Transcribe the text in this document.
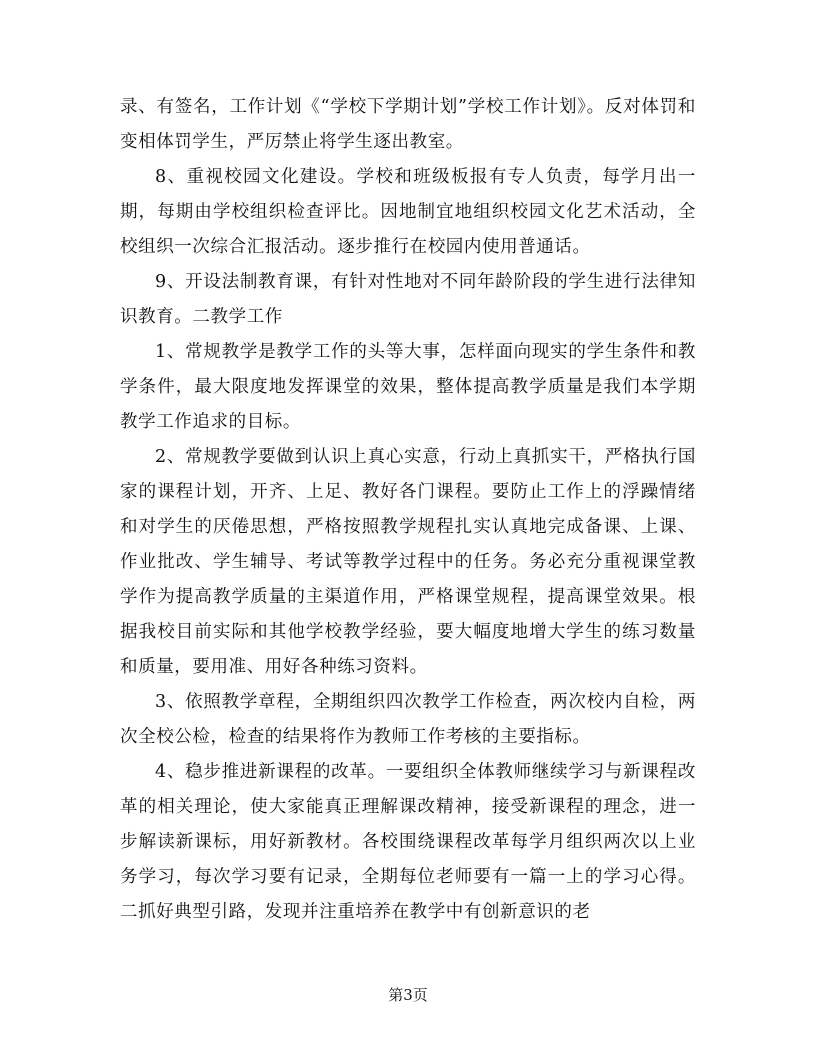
录、有签名，工作计划《“学校下学期计划”学校工作计划》。反对体罚和变相体罚学生，严厉禁止将学生逐出教室。

8、重视校园文化建设。学校和班级板报有专人负责，每学月出一期，每期由学校组织检查评比。因地制宜地组织校园文化艺术活动，全校组织一次综合汇报活动。逐步推行在校园内使用普通话。

9、开设法制教育课，有针对性地对不同年龄阶段的学生进行法律知识教育。二教学工作

1、常规教学是教学工作的头等大事，怎样面向现实的学生条件和教学条件，最大限度地发挥课堂的效果，整体提高教学质量是我们本学期教学工作追求的目标。

2、常规教学要做到认识上真心实意，行动上真抓实干，严格执行国家的课程计划，开齐、上足、教好各门课程。要防止工作上的浮躁情绪和对学生的厌倦思想，严格按照教学规程扎实认真地完成备课、上课、作业批改、学生辅导、考试等教学过程中的任务。务必充分重视课堂教学作为提高教学质量的主渠道作用，严格课堂规程，提高课堂效果。根据我校目前实际和其他学校教学经验，要大幅度地增大学生的练习数量和质量，要用准、用好各种练习资料。

3、依照教学章程，全期组织四次教学工作检查，两次校内自检，两次全校公检，检查的结果将作为教师工作考核的主要指标。

4、稳步推进新课程的改革。一要组织全体教师继续学习与新课程改革的相关理论，使大家能真正理解课改精神，接受新课程的理念，进一步解读新课标，用好新教材。各校围绕课程改革每学月组织两次以上业务学习，每次学习要有记录，全期每位老师要有一篇一上的学习心得。二抓好典型引路，发现并注重培养在教学中有创新意识的老

第3页
